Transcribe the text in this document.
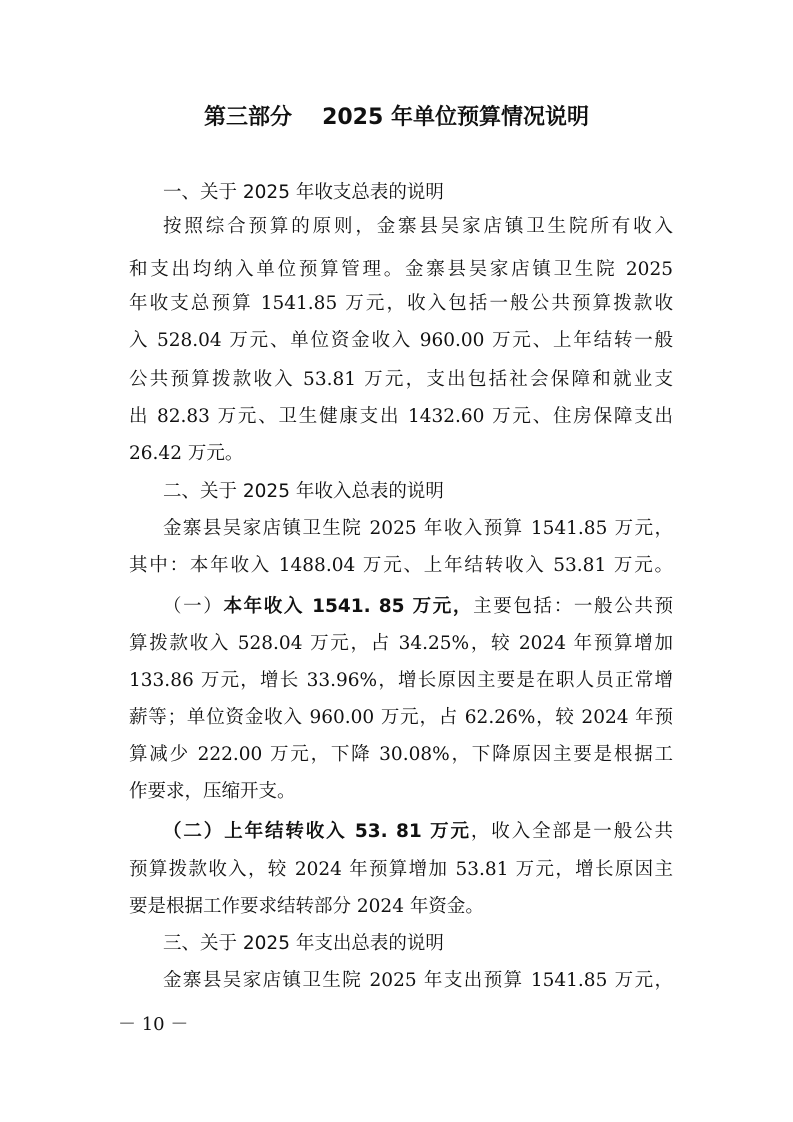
第三部分 2025 年单位预算情况说明
一、关于 2025 年收支总表的说明
按照综合预算的原则，金寨县吴家店镇卫生院所有收入
和支出均纳入单位预算管理。金寨县吴家店镇卫生院 2025
年收支总预算 1541.85 万元，收入包括一般公共预算拨款收
入 528.04 万元、单位资金收入 960.00 万元、上年结转一般
公共预算拨款收入 53.81 万元，支出包括社会保障和就业支
出 82.83 万元、卫生健康支出 1432.60 万元、住房保障支出
26.42 万元。
二、关于 2025 年收入总表的说明
金寨县吴家店镇卫生院 2025 年收入预算 1541.85 万元，
其中：本年收入 1488.04 万元、上年结转收入 53.81 万元。
（一）本年收入 1541. 85 万元，主要包括：一般公共预
算拨款收入 528.04 万元，占 34.25%，较 2024 年预算增加
133.86 万元，增长 33.96%，增长原因主要是在职人员正常增
薪等；单位资金收入 960.00 万元，占 62.26%，较 2024 年预
算减少 222.00 万元，下降 30.08%，下降原因主要是根据工
作要求，压缩开支。
（二）上年结转收入 53. 81 万元，收入全部是一般公共
预算拨款收入，较 2024 年预算增加 53.81 万元，增长原因主
要是根据工作要求结转部分 2024 年资金。
三、关于 2025 年支出总表的说明
金寨县吴家店镇卫生院 2025 年支出预算 1541.85 万元，
－ 10 －
